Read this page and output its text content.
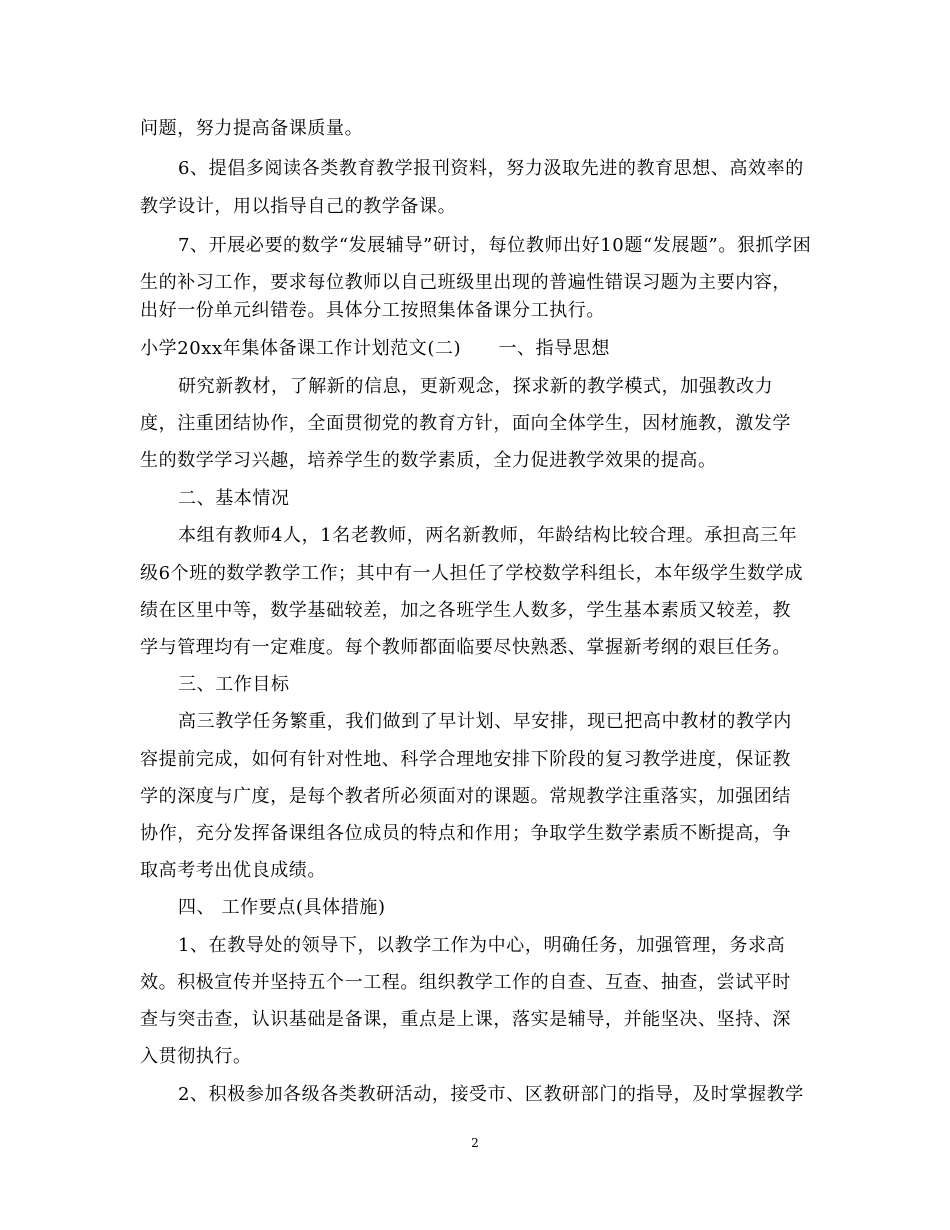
问题，努力提高备课质量。
6、提倡多阅读各类教育教学报刊资料，努力汲取先进的教育思想、高效率的
教学设计，用以指导自己的教学备课。
7、开展必要的数学“发展辅导”研讨，每位教师出好10题“发展题”。狠抓学困
生的补习工作，要求每位教师以自己班级里出现的普遍性错误习题为主要内容，
出好一份单元纠错卷。具体分工按照集体备课分工执行。
小学20xx年集体备课工作计划范文(二)　　一、指导思想
研究新教材，了解新的信息，更新观念，探求新的教学模式，加强教改力
度，注重团结协作，全面贯彻党的教育方针，面向全体学生，因材施教，激发学
生的数学学习兴趣，培养学生的数学素质，全力促进教学效果的提高。
二、基本情况
本组有教师4人，1名老教师，两名新教师，年龄结构比较合理。承担高三年
级6个班的数学教学工作；其中有一人担任了学校数学科组长，本年级学生数学成
绩在区里中等，数学基础较差，加之各班学生人数多，学生基本素质又较差，教
学与管理均有一定难度。每个教师都面临要尽快熟悉、掌握新考纲的艰巨任务。
三、工作目标
高三教学任务繁重，我们做到了早计划、早安排，现已把高中教材的教学内
容提前完成，如何有针对性地、科学合理地安排下阶段的复习教学进度，保证教
学的深度与广度，是每个教者所必须面对的课题。常规教学注重落实，加强团结
协作，充分发挥备课组各位成员的特点和作用；争取学生数学素质不断提高，争
取高考考出优良成绩。
四、 工作要点(具体措施)
1、在教导处的领导下，以教学工作为中心，明确任务，加强管理，务求高
效。积极宣传并坚持五个一工程。组织教学工作的自查、互查、抽查，尝试平时
查与突击查，认识基础是备课，重点是上课，落实是辅导，并能坚决、坚持、深
入贯彻执行。
2、积极参加各级各类教研活动，接受市、区教研部门的指导，及时掌握教学
2
